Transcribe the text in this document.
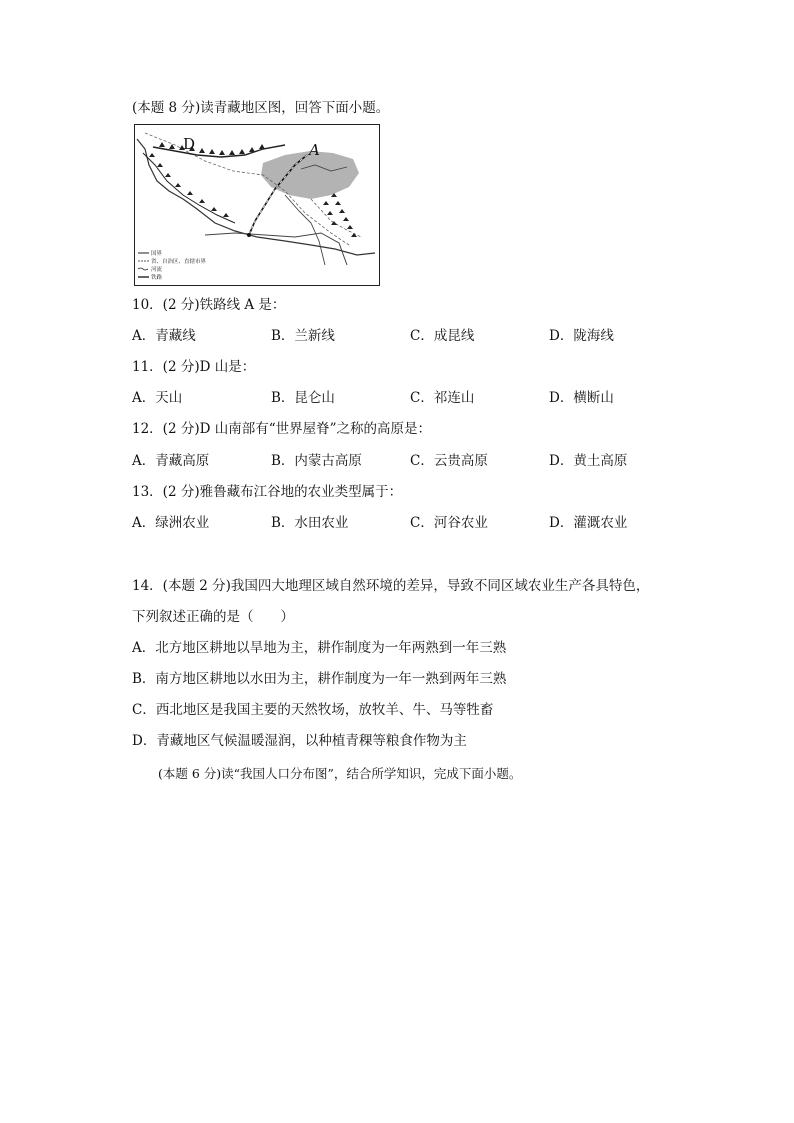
(本题 8 分)读青藏地区图，回答下面小题。
D	A
国界
省、自治区、直辖市界
河流
铁路
10．(2 分)铁路线 A 是：
A．青藏线	B．兰新线	C．成昆线	D．陇海线
11．(2 分)D 山是：
A．天山	B．昆仑山	C．祁连山	D．横断山
12．(2 分)D 山南部有“世界屋脊”之称的高原是：
A．青藏高原	B．内蒙古高原	C．云贵高原	D．黄土高原
13．(2 分)雅鲁藏布江谷地的农业类型属于：
A．绿洲农业	B．水田农业	C．河谷农业	D．灌溉农业
14．(本题 2 分)我国四大地理区域自然环境的差异，导致不同区域农业生产各具特色，
下列叙述正确的是（　　）
A．北方地区耕地以旱地为主，耕作制度为一年两熟到一年三熟
B．南方地区耕地以水田为主，耕作制度为一年一熟到两年三熟
C．西北地区是我国主要的天然牧场，放牧羊、牛、马等牲畜
D．青藏地区气候温暖湿润，以种植青稞等粮食作物为主
(本题 6 分)读“我国人口分布图”，结合所学知识，完成下面小题。
